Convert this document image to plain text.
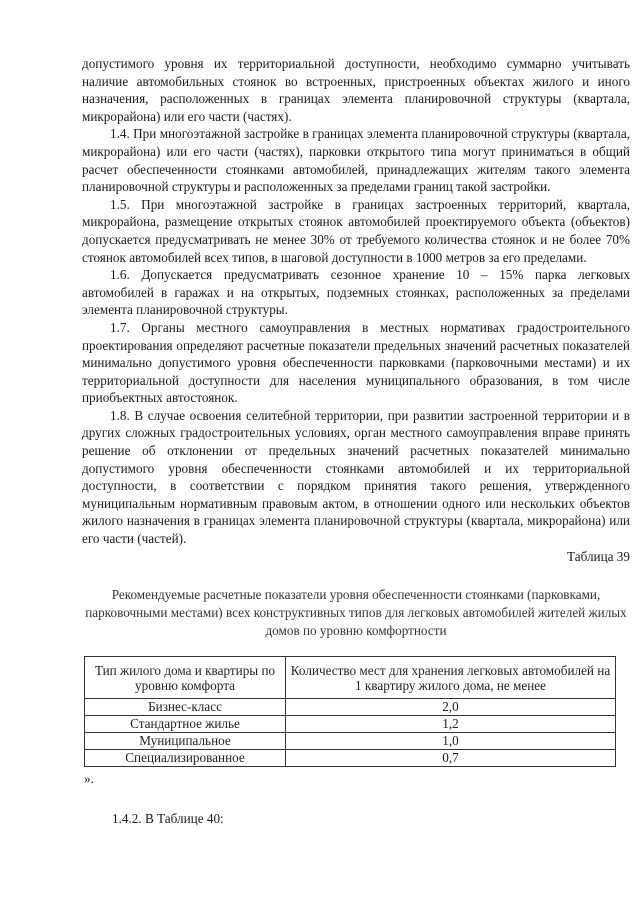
допустимого уровня их территориальной доступности, необходимо суммарно учитывать наличие автомобильных стоянок во встроенных, пристроенных объектах жилого и иного назначения, расположенных в границах элемента планировочной структуры (квартала, микрорайона) или его части (частях).

1.4. При многоэтажной застройке в границах элемента планировочной структуры (квартала, микрорайона) или его части (частях), парковки открытого типа могут приниматься в общий расчет обеспеченности стоянками автомобилей, принадлежащих жителям такого элемента планировочной структуры и расположенных за пределами границ такой застройки.

1.5. При многоэтажной застройке в границах застроенных территорий, квартала, микрорайона, размещение открытых стоянок автомобилей проектируемого объекта (объектов) допускается предусматривать не менее 30% от требуемого количества стоянок и не более 70% стоянок автомобилей всех типов, в шаговой доступности в 1000 метров за его пределами.

1.6. Допускается предусматривать сезонное хранение 10 – 15% парка легковых автомобилей в гаражах и на открытых, подземных стоянках, расположенных за пределами элемента планировочной структуры.

1.7. Органы местного самоуправления в местных нормативах градостроительного проектирования определяют расчетные показатели предельных значений расчетных показателей минимально допустимого уровня обеспеченности парковками (парковочными местами) и их территориальной доступности для населения муниципального образования, в том числе приобъектных автостоянок.

1.8. В случае освоения селитебной территории, при развитии застроенной территории и в других сложных градостроительных условиях, орган местного самоуправления вправе принять решение об отклонении от предельных значений расчетных показателей минимально допустимого уровня обеспеченности стоянками автомобилей и их территориальной доступности, в соответствии с порядком принятия такого решения, утвержденного муниципальным нормативным правовым актом, в отношении одного или нескольких объектов жилого назначения в границах элемента планировочной структуры (квартала, микрорайона) или его части (частей).

Таблица 39

Рекомендуемые расчетные показатели уровня обеспеченности стоянками (парковками, парковочными местами) всех конструктивных типов для легковых автомобилей жителей жилых домов по уровню комфортности

Тип жилого дома и квартиры по уровню комфорта	Количество мест для хранения легковых автомобилей на 1 квартиру жилого дома, не менее
Бизнес-класс	2,0
Стандартное жилье	1,2
Муниципальное	1,0
Специализированное	0,7

».

1.4.2. В Таблице 40:
